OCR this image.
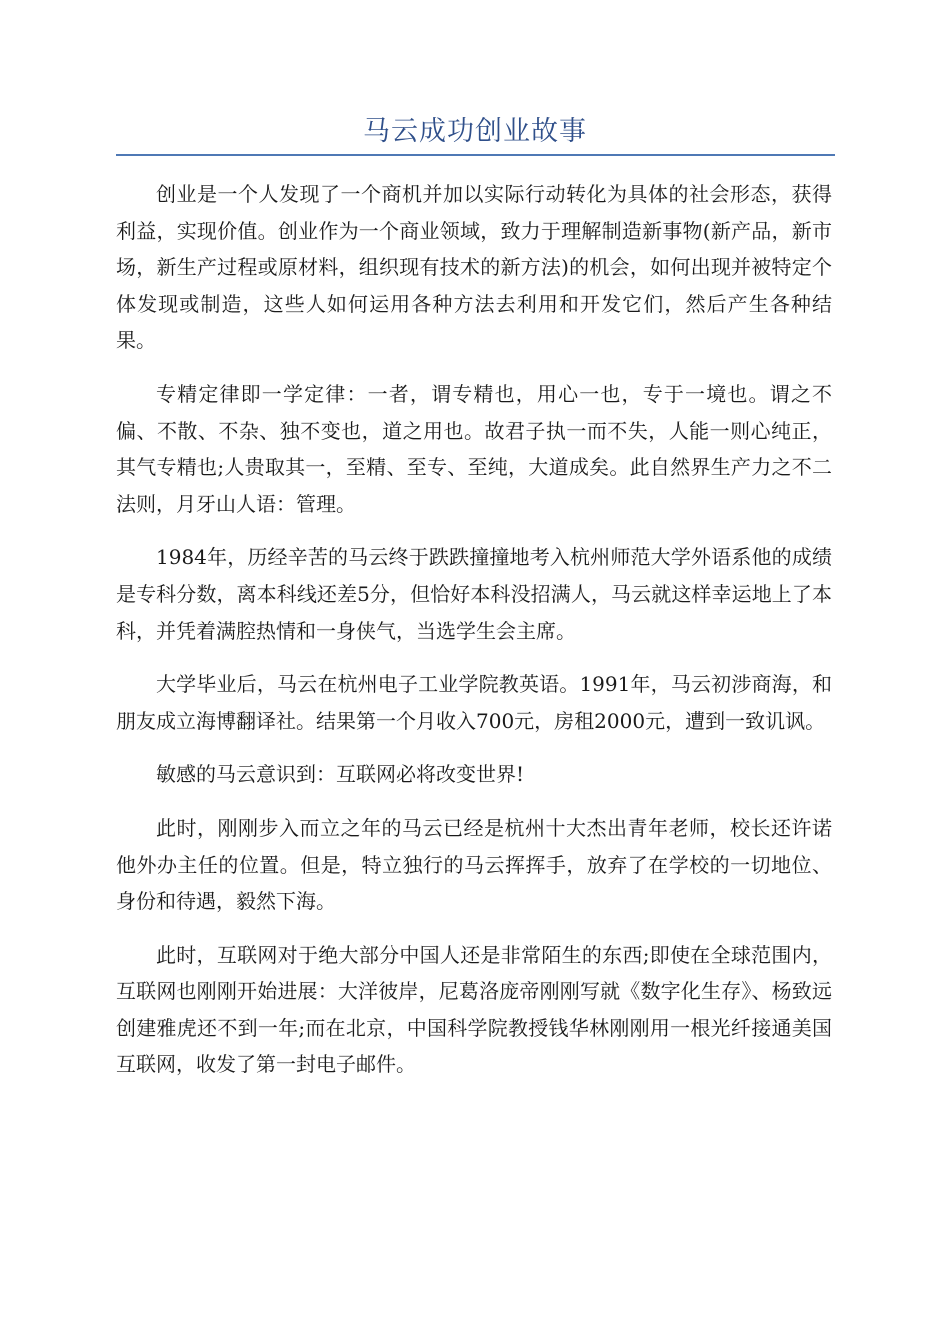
马云成功创业故事

创业是一个人发现了一个商机并加以实际行动转化为具体的社会形态，获得利益，实现价值。创业作为一个商业领域，致力于理解制造新事物(新产品，新市场，新生产过程或原材料，组织现有技术的新方法)的机会，如何出现并被特定个体发现或制造，这些人如何运用各种方法去利用和开发它们，然后产生各种结果。

专精定律即一学定律：一者，谓专精也，用心一也，专于一境也。谓之不偏、不散、不杂、独不变也，道之用也。故君子执一而不失，人能一则心纯正，其气专精也;人贵取其一，至精、至专、至纯，大道成矣。此自然界生产力之不二法则，月牙山人语：管理。

1984年，历经辛苦的马云终于跌跌撞撞地考入杭州师范大学外语系他的成绩是专科分数，离本科线还差5分，但恰好本科没招满人，马云就这样幸运地上了本科，并凭着满腔热情和一身侠气，当选学生会主席。

大学毕业后，马云在杭州电子工业学院教英语。1991年，马云初涉商海，和朋友成立海博翻译社。结果第一个月收入700元，房租2000元，遭到一致讥讽。

敏感的马云意识到：互联网必将改变世界!

此时，刚刚步入而立之年的马云已经是杭州十大杰出青年老师，校长还许诺他外办主任的位置。但是，特立独行的马云挥挥手，放弃了在学校的一切地位、身份和待遇，毅然下海。

此时，互联网对于绝大部分中国人还是非常陌生的东西;即使在全球范围内，互联网也刚刚开始进展：大洋彼岸，尼葛洛庞帝刚刚写就《数字化生存》、杨致远创建雅虎还不到一年;而在北京，中国科学院教授钱华林刚刚用一根光纤接通美国互联网，收发了第一封电子邮件。
